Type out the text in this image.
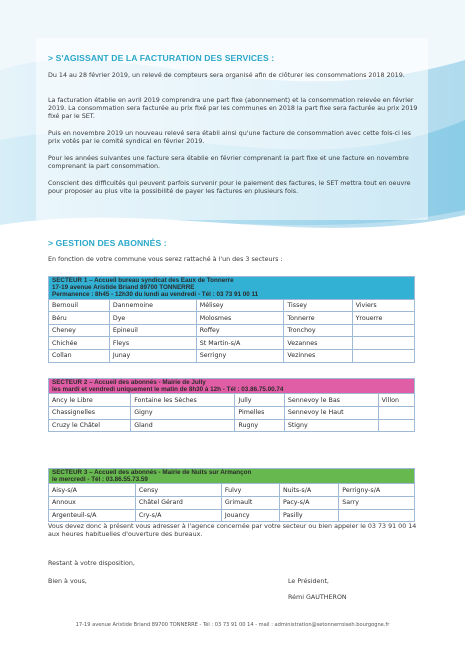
> S'AGISSANT DE LA FACTURATION DES SERVICES :

Du 14 au 28 février 2019, un relevé de compteurs sera organisé afin de clôturer les consommations 2018 2019.

La facturation établie en avril 2019 comprendra une part fixe (abonnement) et la consommation relevée en février 2019. La consommation sera facturée au prix fixé par les communes en 2018 la part fixe sera facturée au prix 2019 fixé par le SET.

Puis en novembre 2019 un nouveau relevé sera établi ainsi qu'une facture de consommation avec cette fois-ci les prix votés par le comité syndical en février 2019.

Pour les années suivantes une facture sera établie en février comprenant la part fixe et une facture en novembre comprenant la part consommation.

Conscient des difficultés qui peuvent parfois survenir pour le paiement des factures, le SET mettra tout en oeuvre pour proposer au plus vite la possibilité de payer les factures en plusieurs fois.

> GESTION DES ABONNÉS :

En fonction de votre commune vous serez rattaché à l'un des 3 secteurs :

SECTEUR 1 – Accueil bureau syndicat des Eaux de Tonnerre
17-19 avenue Aristide Briand 89700 TONNERRE
Permanence : 8h45 - 12h30 du lundi au vendredi - Tél : 03 73 91 00 11				

Bernouil	Dannemoine	Mélisey	Tissey	Viviers
Béru	Dye	Molosmes	Tonnerre	Yrouerre
Cheney	Epineuil	Roffey	Tronchoy	
Chichée	Fleys	St Martin-s/A	Vezannes	
Collan	Junay	Serrigny	Vezinnes	
SECTEUR 2 – Accueil des abonnés - Mairie de Jully
les mardi et vendredi uniquement le matin de 8h30 à 12h - Tél : 03.86.75.00.74				

Ancy le Libre	Fontaine les Sèches	Jully	Sennevoy le Bas	Villon
Chassignelles	Gigny	Pimelles	Sennevoy le Haut	
Cruzy le Châtel	Gland	Rugny	Stigny	
SECTEUR 3 – Accueil des abonnés - Mairie de Nuits sur Armançon
le mercredi - Tél : 03.86.55.73.59				

Aisy-s/A	Censy	Fulvy	Nuits-s/A	Perrigny-s/A
Annoux	Châtel Gérard	Grimault	Pacy-s/A	Sarry
Argenteuil-s/A	Cry-s/A	Jouancy	Pasilly	

Vous devez donc à présent vous adresser à l'agence concernée par votre secteur ou bien appeler le 03 73 91 00 14 aux heures habituelles d'ouverture des bureaux.

Restant à votre disposition,

Bien à vous,	Le Président,

Rémi GAUTHERON

17-19 avenue Aristide Briand 89700 TONNERRE - Tél : 03 73 91 00 14 - mail : administration@setonnerroiseh.bourgogne.fr
